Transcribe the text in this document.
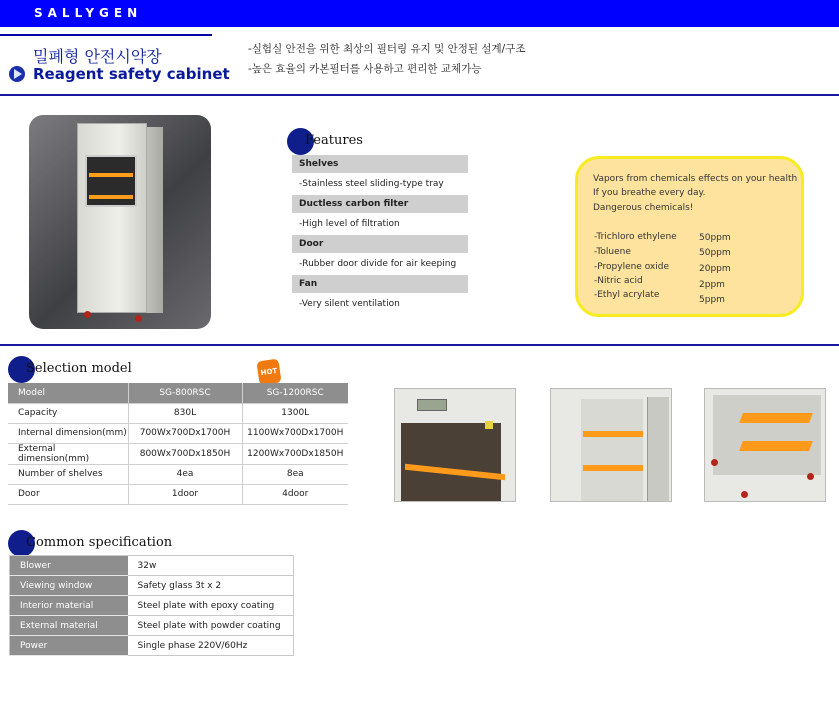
SALLYGEN
밀폐형 안전시약장
Reagent safety cabinet
-실험실 안전을 위한 최상의 필터링 유지 및 안정된 설계/구조
-높은 효율의 카본필터를 사용하고 편리한 교체가능
Features
Shelves
-Stainless steel sliding-type tray
Ductless carbon filter
-High level of filtration
Door
-Rubber door divide for air keeping
Fan
-Very silent ventilation
Vapors from chemicals effects on your health
If you breathe every day.
Dangerous chemicals!
-Trichloro ethylene 50ppm
-Toluene	50ppm
-Propylene oxide	20ppm
-Nitric acid	2ppm
-Ethyl acrylate	5ppm
Selection model	HOT
Model	SG-800RSC	SG-1200RSC
Capacity	830L	1300L
Internal dimension(mm)	700Wx700Dx1700H	1100Wx700Dx1700H
External dimension(mm)	800Wx700Dx1850H	1200Wx700Dx1850H
Number of shelves	4ea	8ea
Door	1door	4door
Common specification
Blower	32w
Viewing window	Safety glass 3t x 2
Interior material	Steel plate with epoxy coating
External material	Steel plate with powder coating
Power	Single phase 220V/60Hz
